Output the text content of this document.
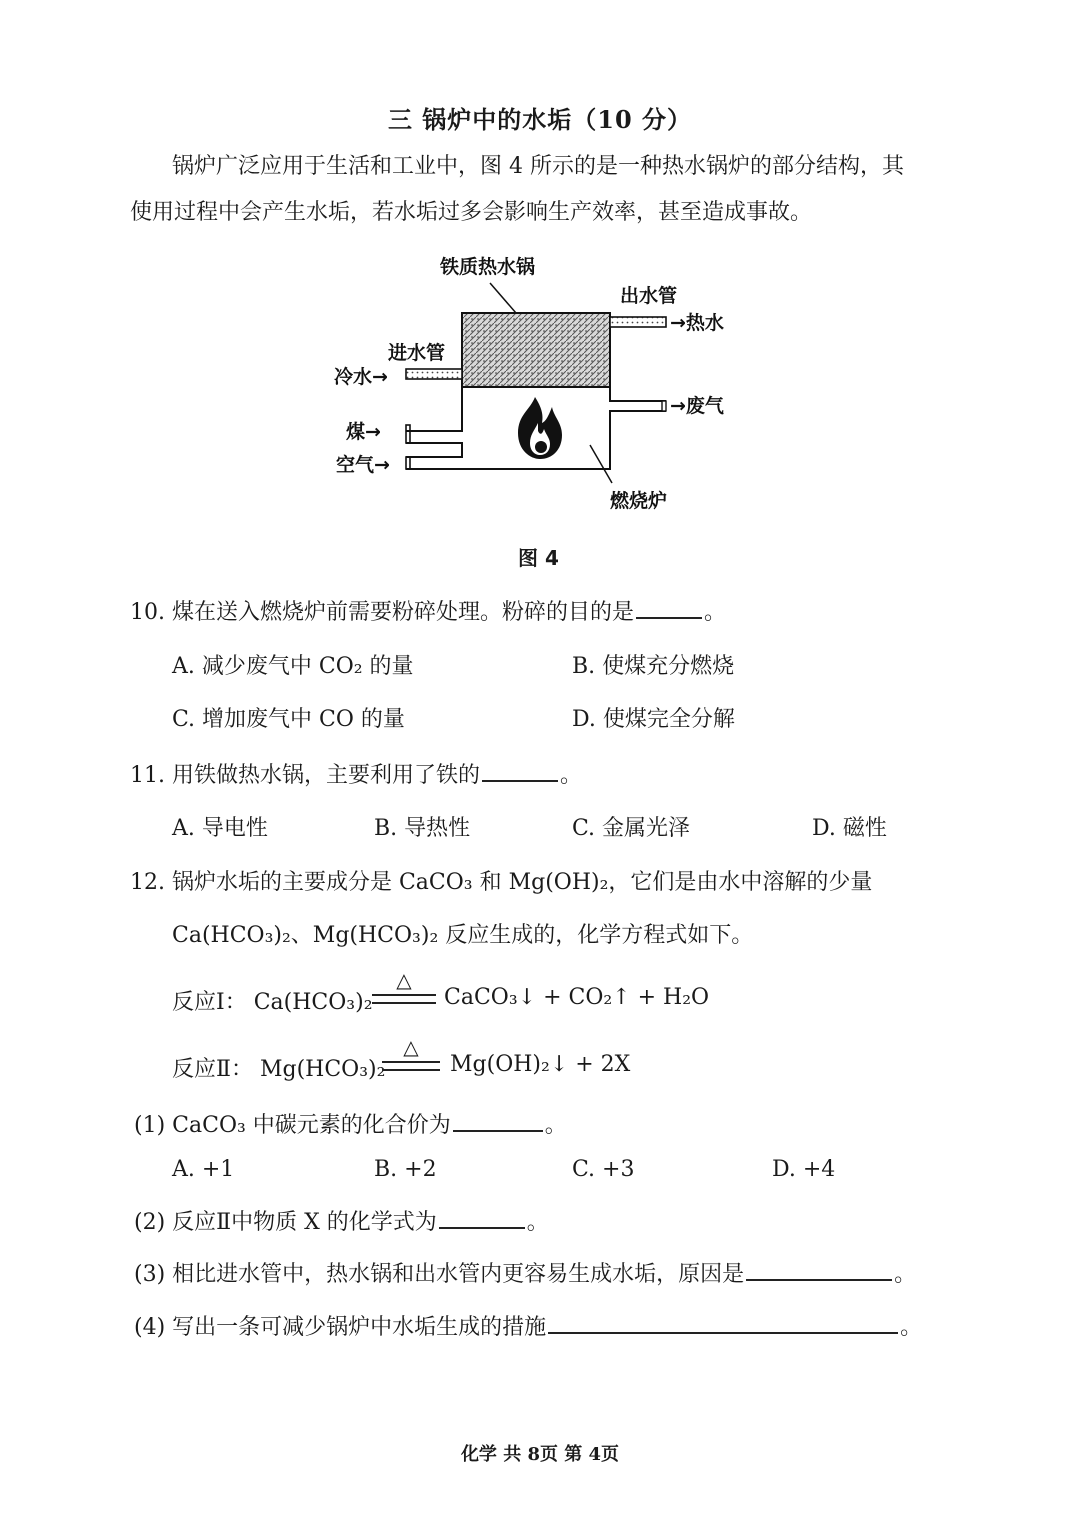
三 锅炉中的水垢（10 分）
锅炉广泛应用于生活和工业中，图 4 所示的是一种热水锅炉的部分结构，其
使用过程中会产生水垢，若水垢过多会影响生产效率，甚至造成事故。
铁质热水锅
出水管
→热水
进水管
冷水→
→废气
煤→
空气→
燃烧炉
图 4
10. 煤在送入燃烧炉前需要粉碎处理。粉碎的目的是	。
A. 减少废气中 CO₂ 的量	B. 使煤充分燃烧
C. 增加废气中 CO 的量	D. 使煤完全分解
11. 用铁做热水锅，主要利用了铁的	。
A. 导电性	B. 导热性	C. 金属光泽	D. 磁性
12. 锅炉水垢的主要成分是 CaCO₃ 和 Mg(OH)₂，它们是由水中溶解的少量
Ca(HCO₃)₂、Mg(HCO₃)₂ 反应生成的，化学方程式如下。
反应Ⅰ： Ca(HCO₃)₂
△
CaCO₃↓ + CO₂↑ + H₂O
反应Ⅱ： Mg(HCO₃)₂
△
Mg(OH)₂↓ + 2X
(1) CaCO₃ 中碳元素的化合价为	。
A. +1	B. +2	C. +3	D. +4
(2) 反应Ⅱ中物质 X 的化学式为	。
(3) 相比进水管中，热水锅和出水管内更容易生成水垢，原因是	。
(4) 写出一条可减少锅炉中水垢生成的措施	。
化学 共 8页 第 4页
